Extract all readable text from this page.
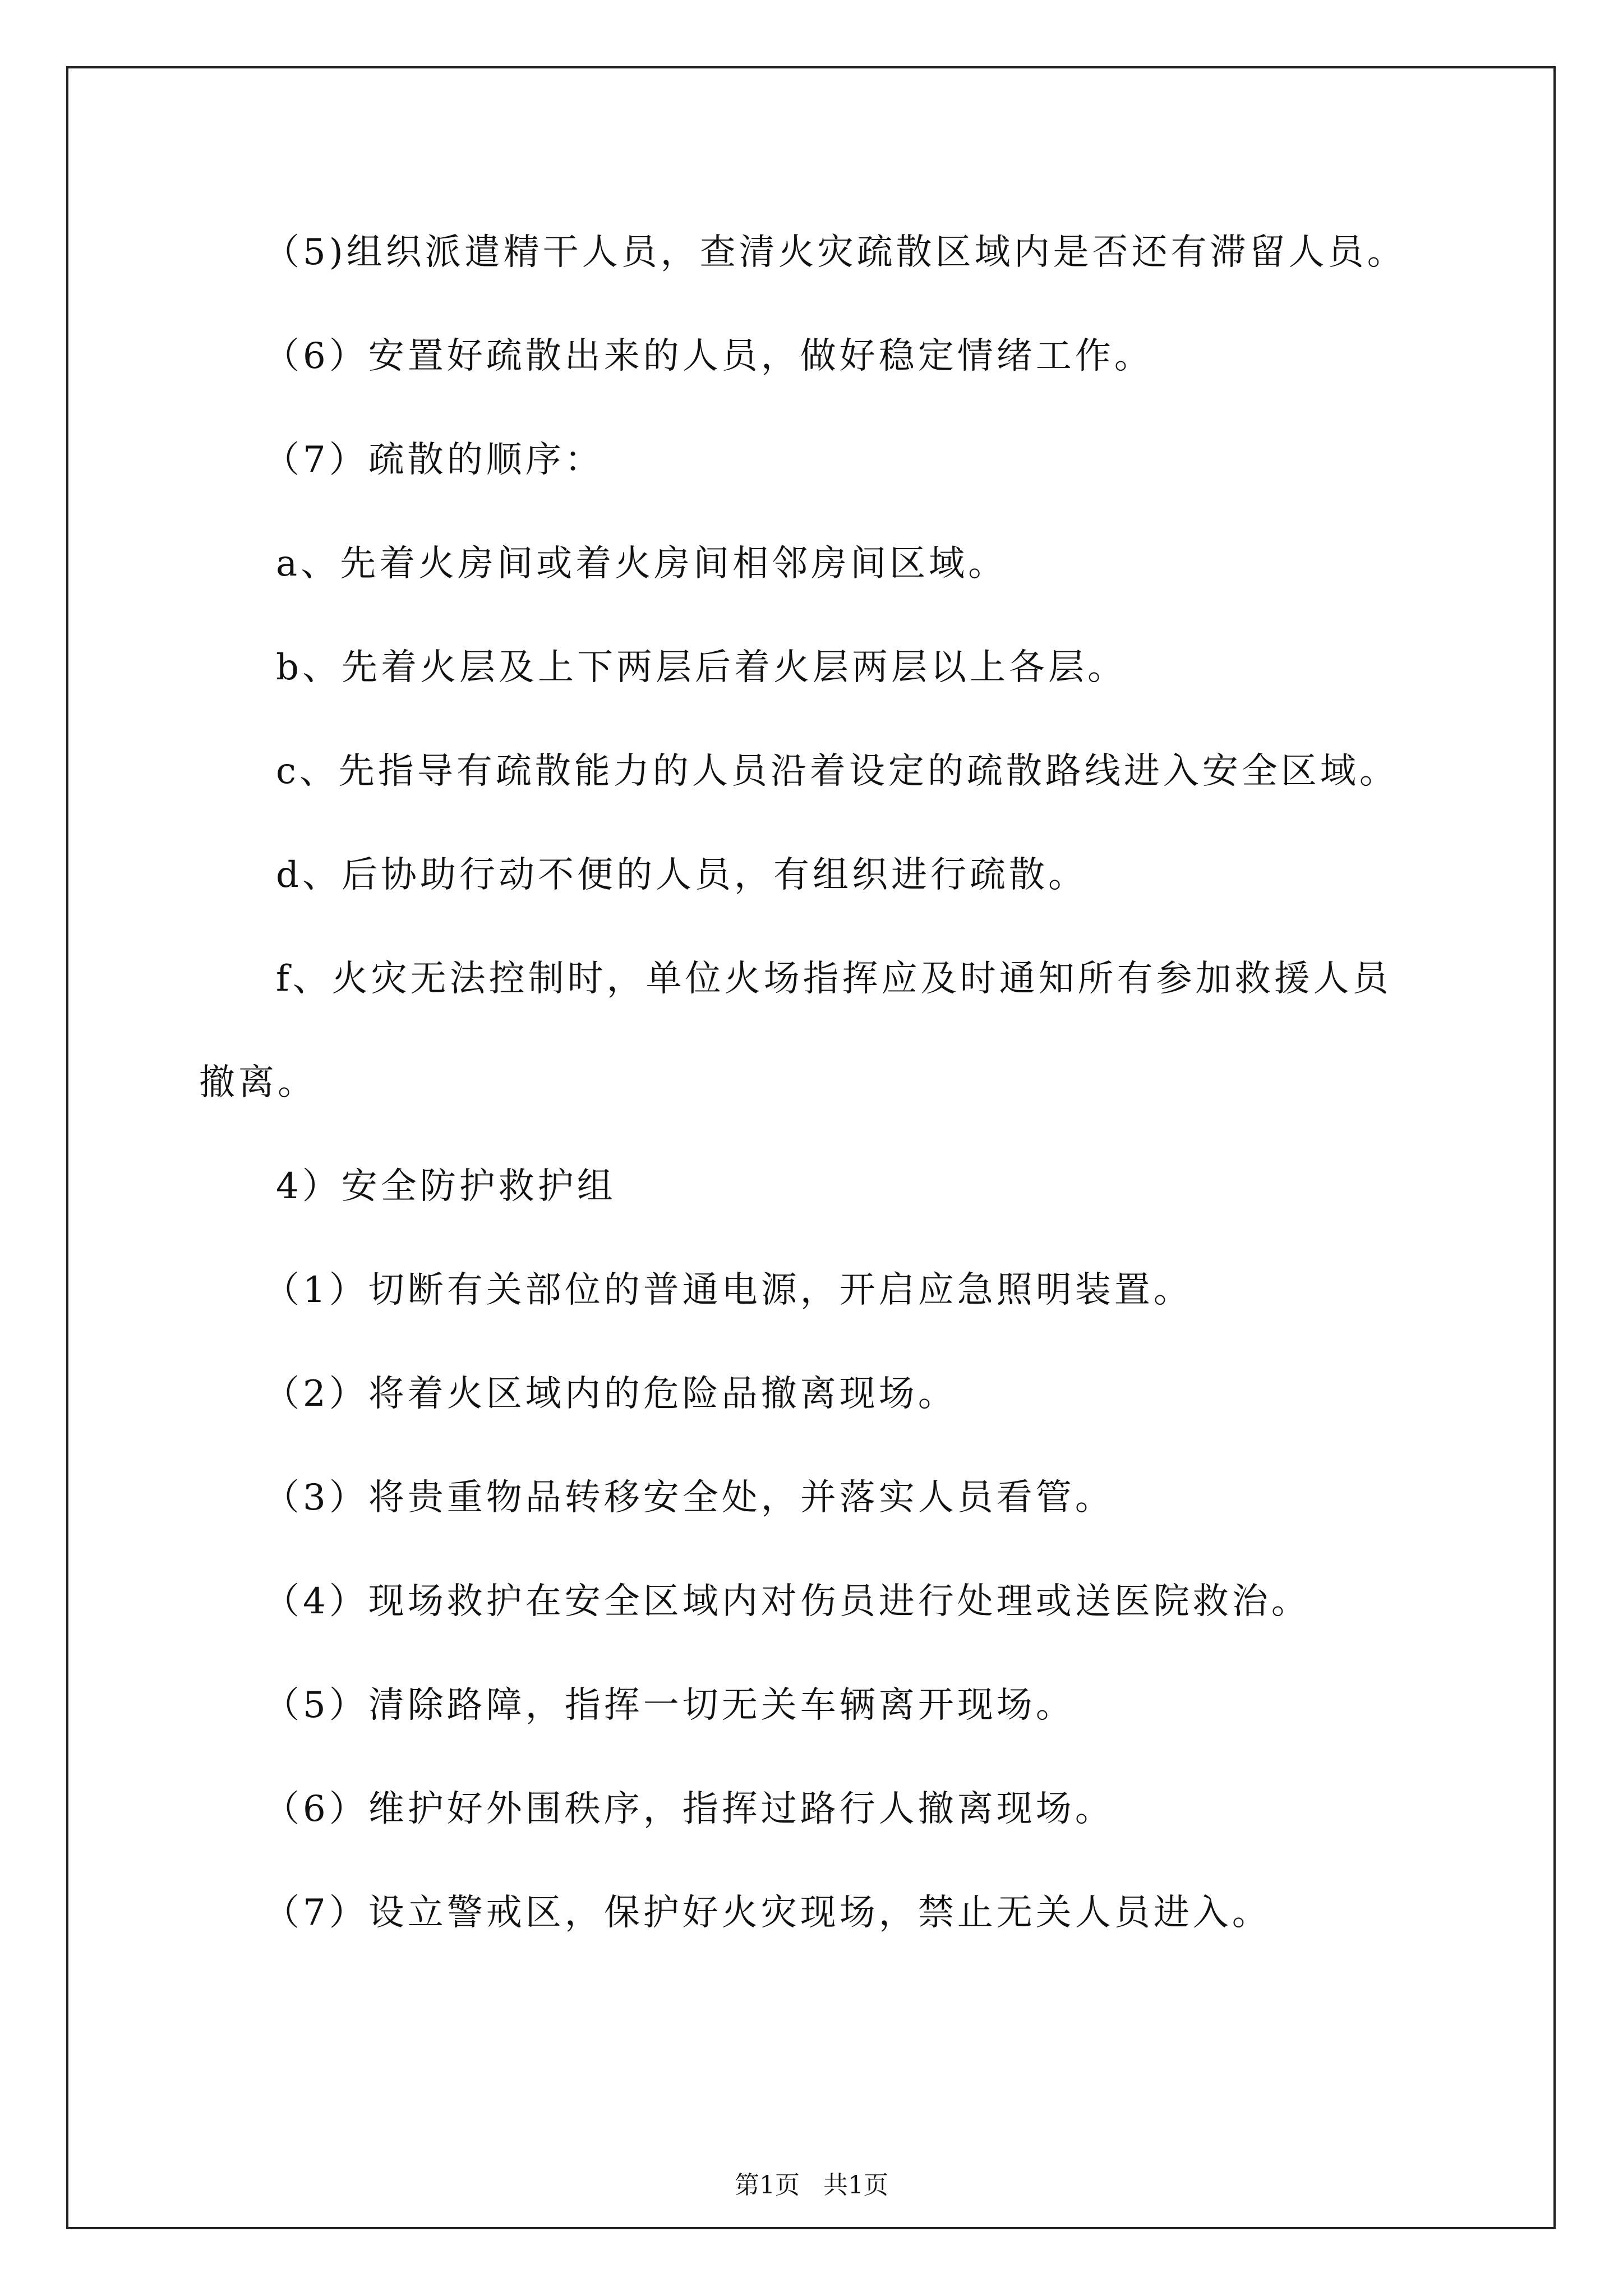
（5)组织派遣精干人员，查清火灾疏散区域内是否还有滞留人员。
（6）安置好疏散出来的人员，做好稳定情绪工作。
（7）疏散的顺序：
a、先着火房间或着火房间相邻房间区域。
b、先着火层及上下两层后着火层两层以上各层。
c、先指导有疏散能力的人员沿着设定的疏散路线进入安全区域。
d、后协助行动不便的人员，有组织进行疏散。
f、火灾无法控制时，单位火场指挥应及时通知所有参加救援人员
撤离。
4）安全防护救护组
（1）切断有关部位的普通电源，开启应急照明装置。
（2）将着火区域内的危险品撤离现场。
（3）将贵重物品转移安全处，并落实人员看管。
（4）现场救护在安全区域内对伤员进行处理或送医院救治。
（5）清除路障，指挥一切无关车辆离开现场。
（6）维护好外围秩序，指挥过路行人撤离现场。
（7）设立警戒区，保护好火灾现场，禁止无关人员进入。
第1页   共1页
